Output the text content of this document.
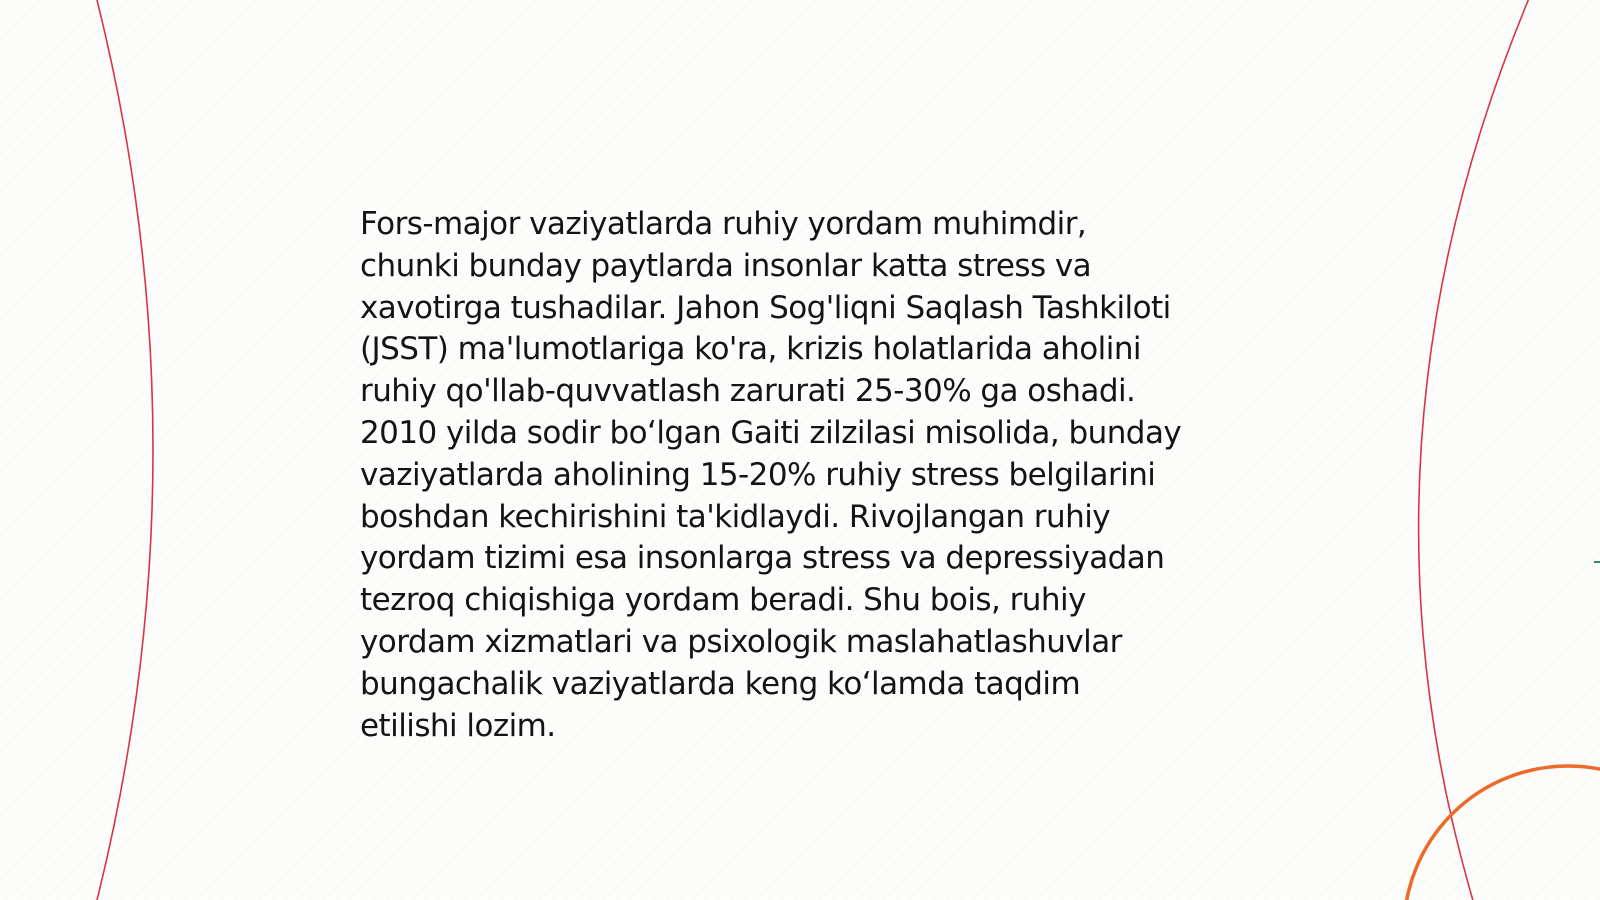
Fors-major vaziyatlarda ruhiy yordam muhimdir,
chunki bunday paytlarda insonlar katta stress va
xavotirga tushadilar. Jahon Sog'liqni Saqlash Tashkiloti
(JSST) ma'lumotlariga ko'ra, krizis holatlarida aholini
ruhiy qo'llab-quvvatlash zarurati 25-30% ga oshadi.
2010 yilda sodir boʻlgan Gaiti zilzilasi misolida, bunday
vaziyatlarda aholining 15-20% ruhiy stress belgilarini
boshdan kechirishini ta'kidlaydi. Rivojlangan ruhiy
yordam tizimi esa insonlarga stress va depressiyadan
tezroq chiqishiga yordam beradi. Shu bois, ruhiy
yordam xizmatlari va psixologik maslahatlashuvlar
bungachalik vaziyatlarda keng koʻlamda taqdim
etilishi lozim.
